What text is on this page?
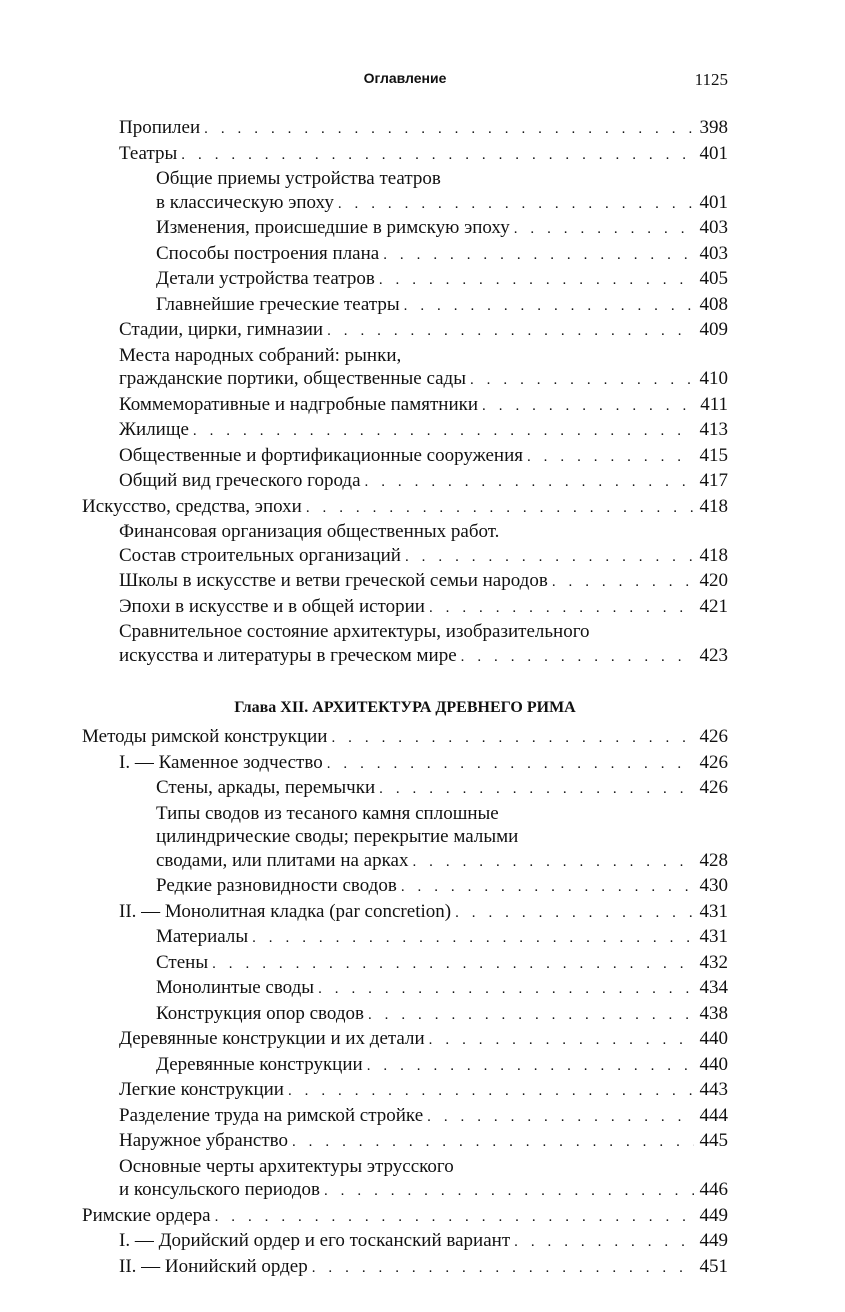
Оглавление	1125
Пропилеи . . .	398
Театры . . .	401
Общие приемы устройства театров
в классическую эпоху . . .	401
Изменения, происшедшие в римскую эпоху . . .	403
Способы построения плана . . .	403
Детали устройства театров . . .	405
Главнейшие греческие театры . . .	408
Стадии, цирки, гимназии . . .	409
Места народных собраний: рынки,
гражданские портики, общественные сады . . .	410
Коммеморативные и надгробные памятники . . .	411
Жилище . . .	413
Общественные и фортификационные сооружения . . .	415
Общий вид греческого города . . .	417
Искусство, средства, эпохи . . .	418
Финансовая организация общественных работ.
Состав строительных организаций . . .	418
Школы в искусстве и ветви греческой семьи народов . . .	420
Эпохи в искусстве и в общей истории . . .	421
Сравнительное состояние архитектуры, изобразительного
искусства и литературы в греческом мире . . .	423
Глава XII. АРХИТЕКТУРА ДРЕВНЕГО РИМА
Методы римской конструкции . . .	426
I. — Каменное зодчество . . .	426
Стены, аркады, перемычки . . .	426
Типы сводов из тесаного камня сплошные
цилиндрические своды; перекрытие малыми
сводами, или плитами на арках . . .	428
Редкие разновидности сводов . . .	430
II. — Монолитная кладка (par concretion) . . .	431
Материалы . . .	431
Стены . . .	432
Монолинтые своды . . .	434
Конструкция опор сводов . . .	438
Деревянные конструкции и их детали . . .	440
Деревянные конструкции . . .	440
Легкие конструкции . . .	443
Разделение труда на римской стройке . . .	444
Наружное убранство . . .	445
Основные черты архитектуры этрусского
и консульского периодов . . .	446
Римские ордера . . .	449
I. — Дорийский ордер и его тосканский вариант . . .	449
II. — Ионийский ордер . . .	451
